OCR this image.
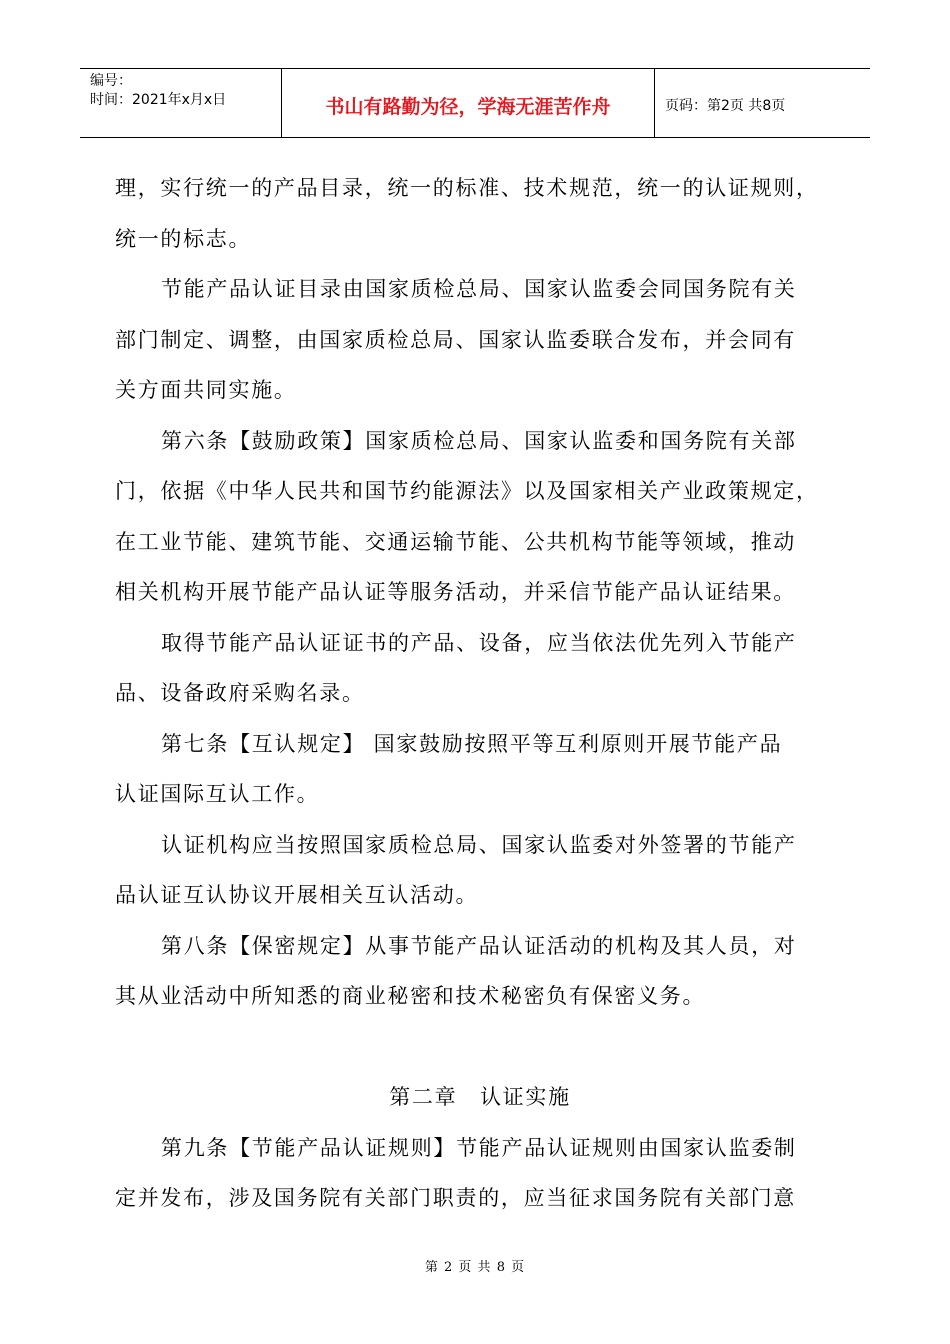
编号：
时间：2021年x月x日	书山有路勤为径，学海无涯苦作舟	页码：第2页 共8页
理，实行统一的产品目录，统一的标准、技术规范，统一的认证规则，
统一的标志。
节能产品认证目录由国家质检总局、国家认监委会同国务院有关
部门制定、调整，由国家质检总局、国家认监委联合发布，并会同有
关方面共同实施。
第六条【鼓励政策】国家质检总局、国家认监委和国务院有关部
门，依据《中华人民共和国节约能源法》以及国家相关产业政策规定，
在工业节能、建筑节能、交通运输节能、公共机构节能等领域，推动
相关机构开展节能产品认证等服务活动，并采信节能产品认证结果。
取得节能产品认证证书的产品、设备，应当依法优先列入节能产
品、设备政府采购名录。
第七条【互认规定】 国家鼓励按照平等互利原则开展节能产品
认证国际互认工作。
认证机构应当按照国家质检总局、国家认监委对外签署的节能产
品认证互认协议开展相关互认活动。
第八条【保密规定】从事节能产品认证活动的机构及其人员，对
其从业活动中所知悉的商业秘密和技术秘密负有保密义务。
第二章　认证实施
第九条【节能产品认证规则】节能产品认证规则由国家认监委制
定并发布，涉及国务院有关部门职责的，应当征求国务院有关部门意
第 2 页 共 8 页
